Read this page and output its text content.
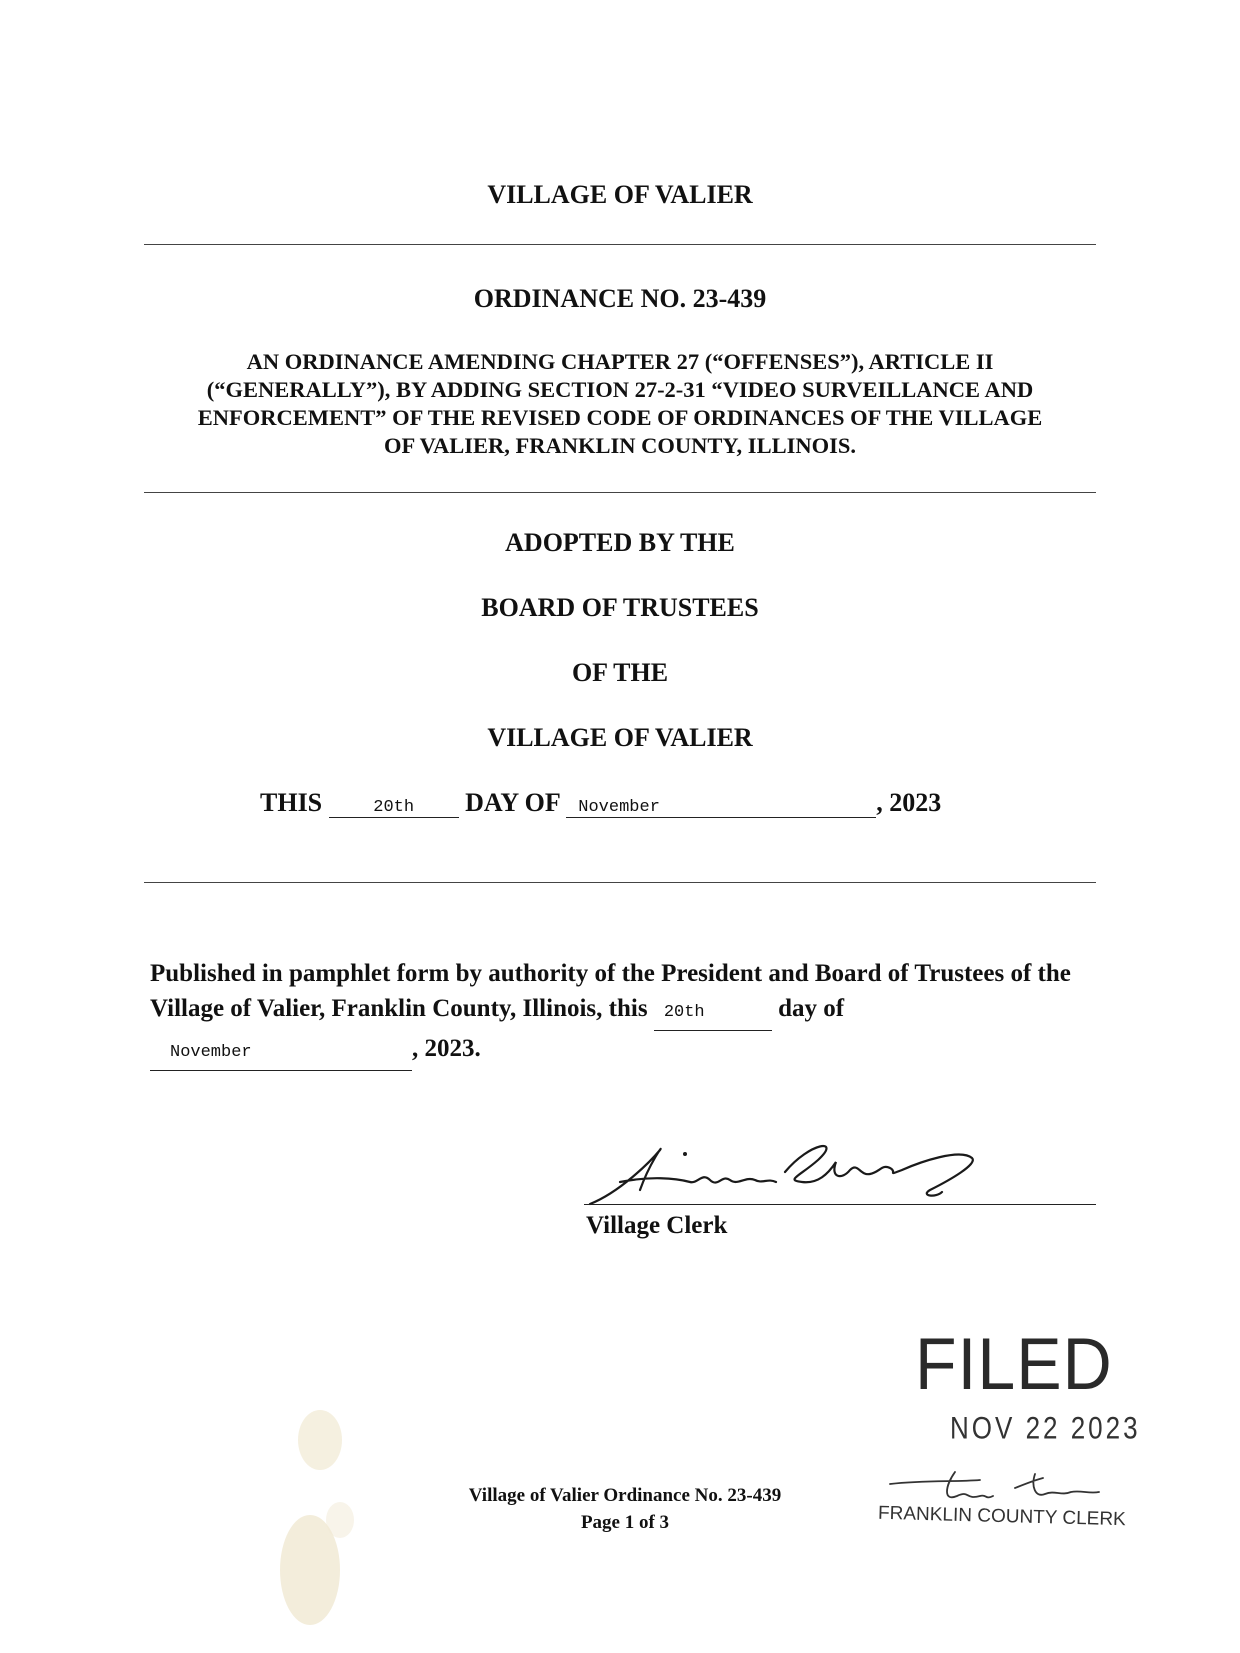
VILLAGE OF VALIER
ORDINANCE NO. 23-439
AN ORDINANCE AMENDING CHAPTER 27 (“OFFENSES”), ARTICLE II
(“GENERALLY”), BY ADDING SECTION 27-2-31 “VIDEO SURVEILLANCE AND
ENFORCEMENT” OF THE REVISED CODE OF ORDINANCES OF THE VILLAGE
OF VALIER, FRANKLIN COUNTY, ILLINOIS.
ADOPTED BY THE
BOARD OF TRUSTEES
OF THE
VILLAGE OF VALIER
THIS	20th DAY OF November	, 2023
Published in pamphlet form by authority of the President and Board of Trustees of the Village of Valier, Franklin County, Illinois, this 20th	day of November	, 2023.
Village Clerk
FILED
NOV 22 2023
FRANKLIN COUNTY CLERK
Village of Valier Ordinance No. 23-439
Page 1 of 3
